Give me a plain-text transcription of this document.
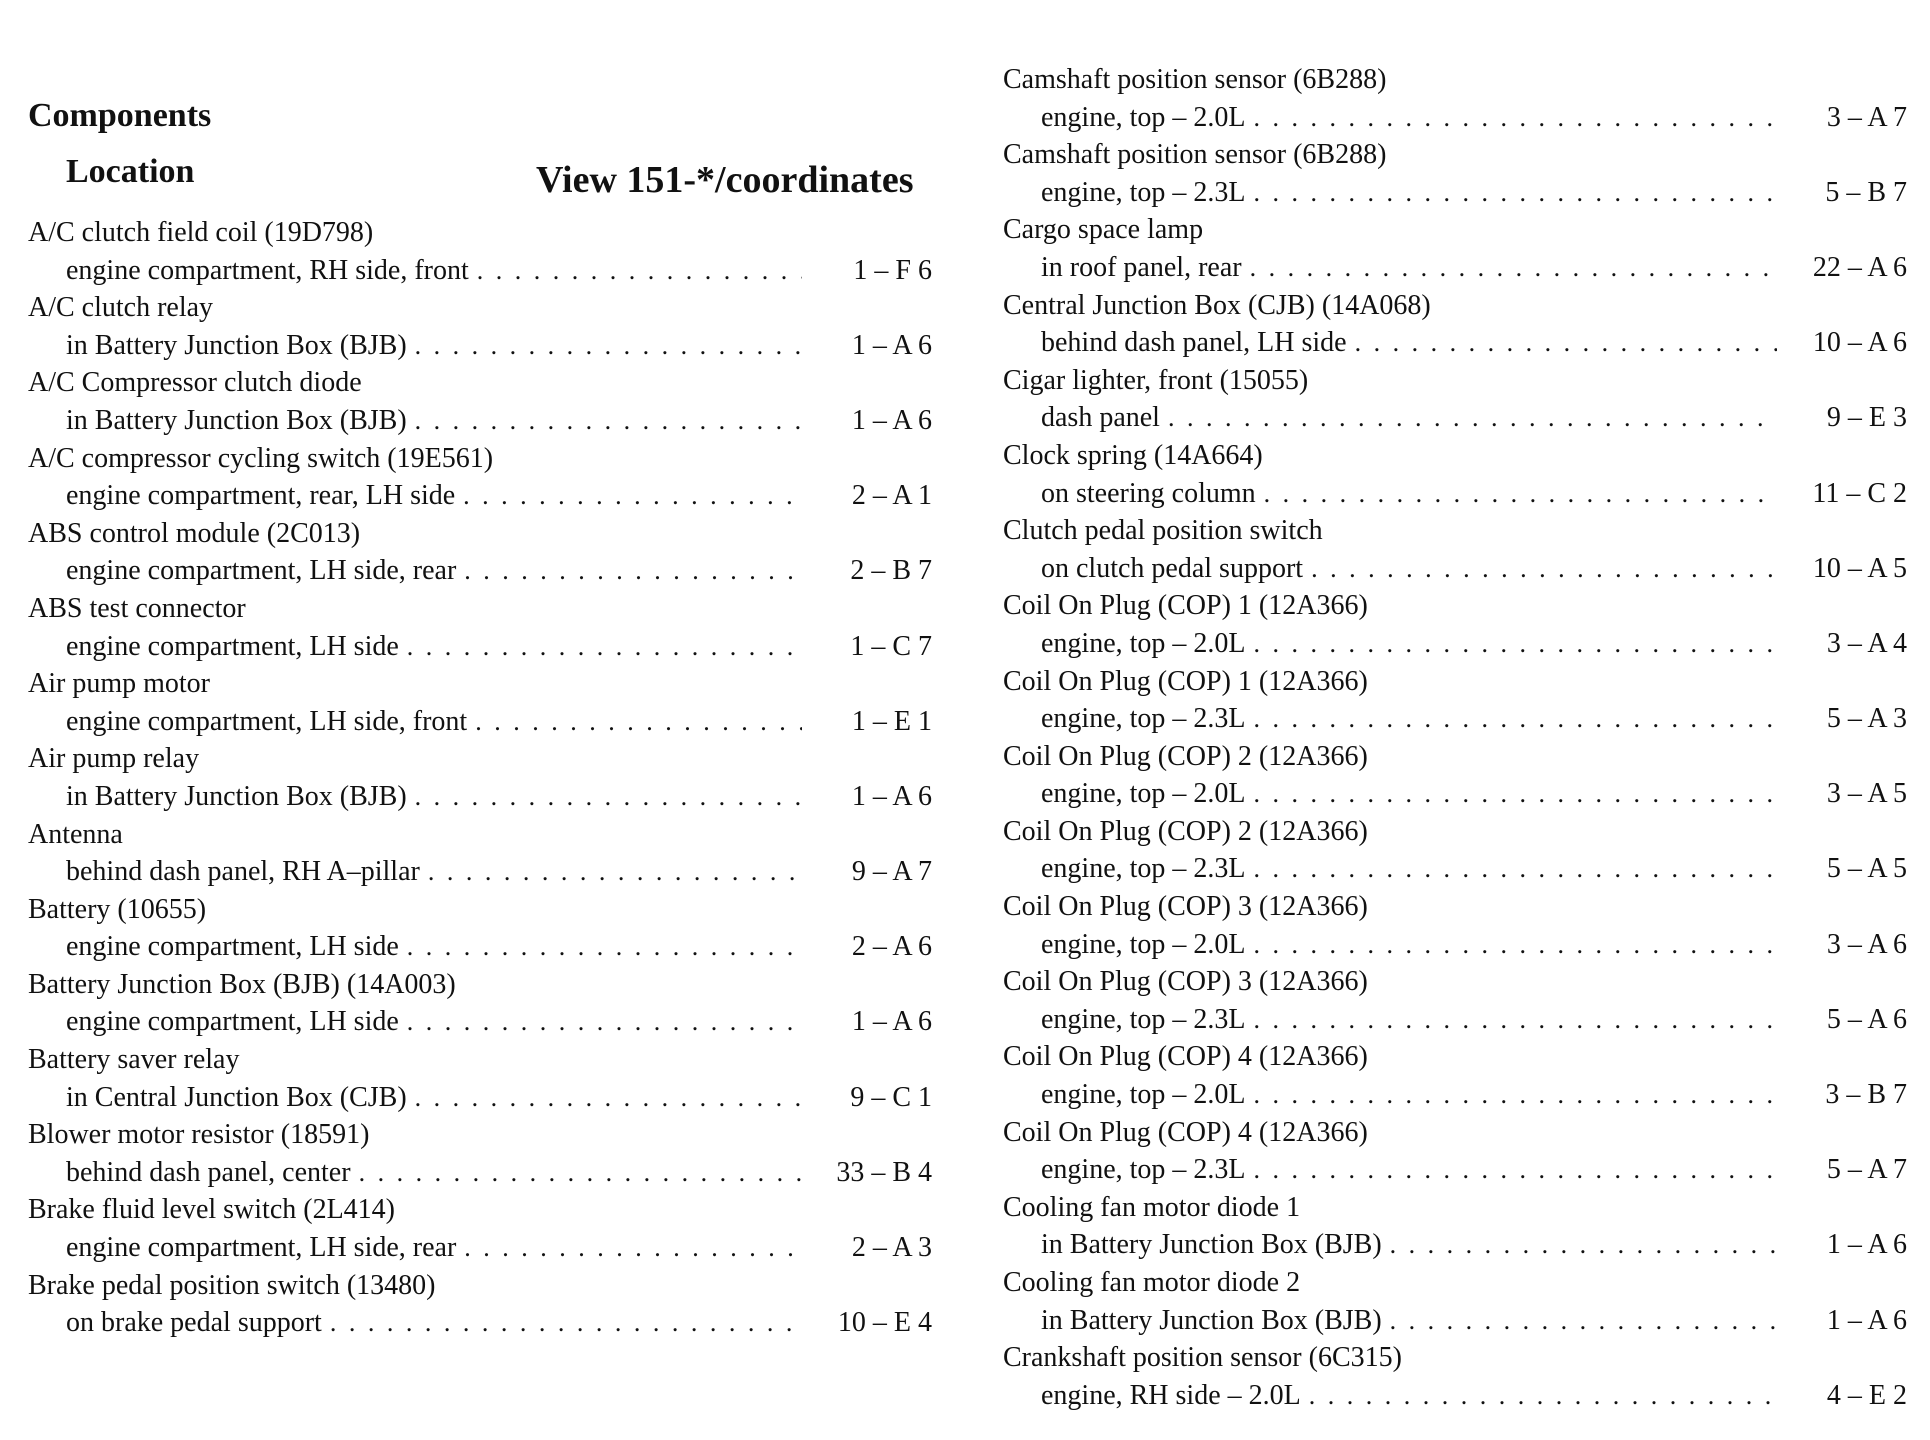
Components
Location	View 151-*/coordinates
A/C clutch field coil (19D798)
engine compartment, RH side, front . . .	1 – F 6
A/C clutch relay
in Battery Junction Box (BJB) . . .	1 – A 6
A/C Compressor clutch diode
in Battery Junction Box (BJB) . . .	1 – A 6
A/C compressor cycling switch (19E561)
engine compartment, rear, LH side . . .	2 – A 1
ABS control module (2C013)
engine compartment, LH side, rear . . .	2 – B 7
ABS test connector
engine compartment, LH side . . .	1 – C 7
Air pump motor
engine compartment, LH side, front . . .	1 – E 1
Air pump relay
in Battery Junction Box (BJB) . . .	1 – A 6
Antenna
behind dash panel, RH A–pillar . . .	9 – A 7
Battery (10655)
engine compartment, LH side . . .	2 – A 6
Battery Junction Box (BJB) (14A003)
engine compartment, LH side . . .	1 – A 6
Battery saver relay
in Central Junction Box (CJB) . . .	9 – C 1
Blower motor resistor (18591)
behind dash panel, center . . .	33 – B 4
Brake fluid level switch (2L414)
engine compartment, LH side, rear . . .	2 – A 3
Brake pedal position switch (13480)
on brake pedal support . . .	10 – E 4
Camshaft position sensor (6B288)
engine, top – 2.0L . . .	3 – A 7
Camshaft position sensor (6B288)
engine, top – 2.3L . . .	5 – B 7
Cargo space lamp
in roof panel, rear . . .	22 – A 6
Central Junction Box (CJB) (14A068)
behind dash panel, LH side . . .	10 – A 6
Cigar lighter, front (15055)
dash panel . . .	9 – E 3
Clock spring (14A664)
on steering column . . .	11 – C 2
Clutch pedal position switch
on clutch pedal support . . .	10 – A 5
Coil On Plug (COP) 1 (12A366)
engine, top – 2.0L . . .	3 – A 4
Coil On Plug (COP) 1 (12A366)
engine, top – 2.3L . . .	5 – A 3
Coil On Plug (COP) 2 (12A366)
engine, top – 2.0L . . .	3 – A 5
Coil On Plug (COP) 2 (12A366)
engine, top – 2.3L . . .	5 – A 5
Coil On Plug (COP) 3 (12A366)
engine, top – 2.0L . . .	3 – A 6
Coil On Plug (COP) 3 (12A366)
engine, top – 2.3L . . .	5 – A 6
Coil On Plug (COP) 4 (12A366)
engine, top – 2.0L . . .	3 – B 7
Coil On Plug (COP) 4 (12A366)
engine, top – 2.3L . . .	5 – A 7
Cooling fan motor diode 1
in Battery Junction Box (BJB) . . .	1 – A 6
Cooling fan motor diode 2
in Battery Junction Box (BJB) . . .	1 – A 6
Crankshaft position sensor (6C315)
engine, RH side – 2.0L . . .	4 – E 2
